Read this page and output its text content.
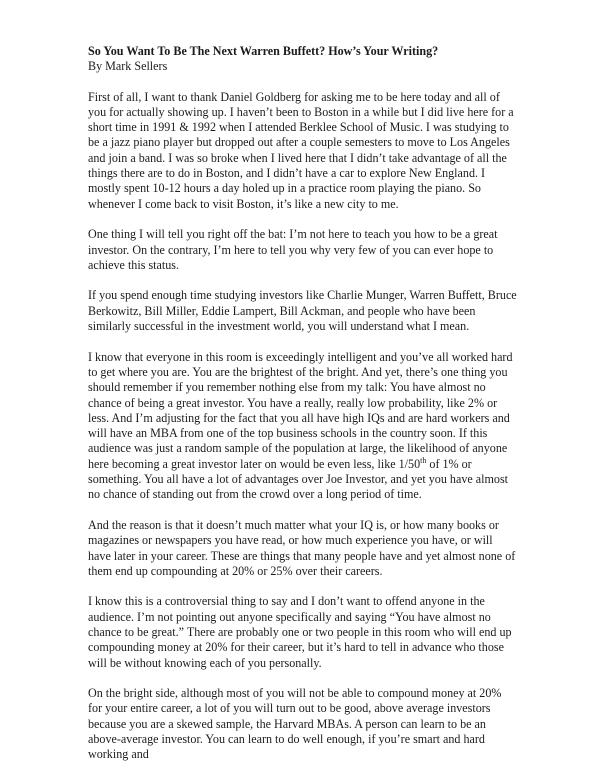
So You Want To Be The Next Warren Buffett? How’s Your Writing?
By Mark Sellers

First of all, I want to thank Daniel Goldberg for asking me to be here today and all of you for actually showing up. I haven’t been to Boston in a while but I did live here for a short time in 1991 & 1992 when I attended Berklee School of Music. I was studying to be a jazz piano player but dropped out after a couple semesters to move to Los Angeles and join a band. I was so broke when I lived here that I didn’t take advantage of all the things there are to do in Boston, and I didn’t have a car to explore New England. I mostly spent 10-12 hours a day holed up in a practice room playing the piano. So whenever I come back to visit Boston, it’s like a new city to me.

One thing I will tell you right off the bat: I’m not here to teach you how to be a great investor. On the contrary, I’m here to tell you why very few of you can ever hope to achieve this status.

If you spend enough time studying investors like Charlie Munger, Warren Buffett, Bruce Berkowitz, Bill Miller, Eddie Lampert, Bill Ackman, and people who have been similarly successful in the investment world, you will understand what I mean.

I know that everyone in this room is exceedingly intelligent and you’ve all worked hard to get where you are. You are the brightest of the bright. And yet, there’s one thing you should remember if you remember nothing else from my talk: You have almost no chance of being a great investor. You have a really, really low probability, like 2% or less. And I’m adjusting for the fact that you all have high IQs and are hard workers and will have an MBA from one of the top business schools in the country soon. If this audience was just a random sample of the population at large, the likelihood of anyone here becoming a great investor later on would be even less, like 1/50th of 1% or something. You all have a lot of advantages over Joe Investor, and yet you have almost no chance of standing out from the crowd over a long period of time.

And the reason is that it doesn’t much matter what your IQ is, or how many books or magazines or newspapers you have read, or how much experience you have, or will have later in your career. These are things that many people have and yet almost none of them end up compounding at 20% or 25% over their careers.

I know this is a controversial thing to say and I don’t want to offend anyone in the audience. I’m not pointing out anyone specifically and saying “You have almost no chance to be great.” There are probably one or two people in this room who will end up compounding money at 20% for their career, but it’s hard to tell in advance who those will be without knowing each of you personally.

On the bright side, although most of you will not be able to compound money at 20% for your entire career, a lot of you will turn out to be good, above average investors because you are a skewed sample, the Harvard MBAs. A person can learn to be an above-average investor. You can learn to do well enough, if you’re smart and hard working and
